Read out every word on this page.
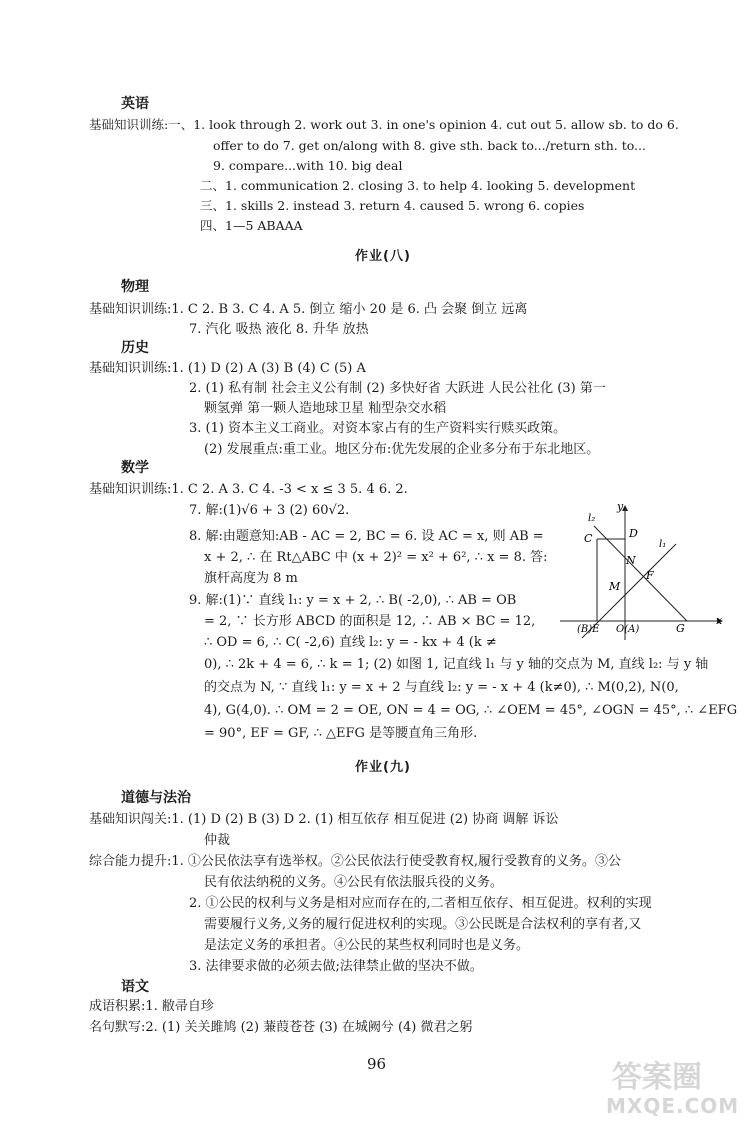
英语
基础知识训练:一、1. look through 2. work out 3. in one's opinion 4. cut out 5. allow sb. to do 6.
offer to do 7. get on/along with 8. give sth. back to.../return sth. to...
9. compare...with 10. big deal
二、1. communication 2. closing 3. to help 4. looking 5. development
三、1. skills 2. instead 3. return 4. caused 5. wrong 6. copies
四、1—5 ABAAA
作业(八)
物理
基础知识训练:1. C 2. B 3. C 4. A 5. 倒立 缩小 20 是 6. 凸 会聚 倒立 远离
7. 汽化 吸热 液化 8. 升华 放热
历史
基础知识训练:1. (1) D (2) A (3) B (4) C (5) A
2. (1) 私有制 社会主义公有制 (2) 多快好省 大跃进 人民公社化 (3) 第一
颗氢弹 第一颗人造地球卫星 籼型杂交水稻
3. (1) 资本主义工商业。对资本家占有的生产资料实行赎买政策。
(2) 发展重点:重工业。地区分布:优先发展的企业多分布于东北地区。
数学
基础知识训练:1. C 2. A 3. C 4. -3 < x ≤ 3 5. 4 6. 2.
7. 解:(1)√6 + 3 (2) 60√2.
8. 解:由题意知:AB - AC = 2, BC = 6. 设 AC = x, 则 AB =
x + 2, ∴ 在 Rt△ABC 中 (x + 2)² = x² + 6², ∴ x = 8. 答:
旗杆高度为 8 m
9. 解:(1)∵ 直线 l₁: y = x + 2, ∴ B( -2,0), ∴ AB = OB
= 2, ∵ 长方形 ABCD 的面积是 12, ∴ AB × BC = 12,
∴ OD = 6, ∴ C( -2,6) 直线 l₂: y = - kx + 4 (k ≠
0), ∴ 2k + 4 = 6, ∴ k = 1; (2) 如图 1, 记直线 l₁ 与 y 轴的交点为 M, 直线 l₂: 与 y 轴
的交点为 N, ∵ 直线 l₁: y = x + 2 与直线 l₂: y = - x + 4 (k≠0), ∴ M(0,2), N(0,
4), G(4,0). ∴ OM = 2 = OE, ON = 4 = OG, ∴ ∠OEM = 45°, ∠OGN = 45°, ∴ ∠EFG
= 90°, EF = GF, ∴ △EFG 是等腰直角三角形.
l₂
y
D
l₁
C
N
F
M
(B)E O(A)	G
x
作业(九)
道德与法治
基础知识闯关:1. (1) D (2) B (3) D 2. (1) 相互依存 相互促进 (2) 协商 调解 诉讼
仲裁
综合能力提升:1. ①公民依法享有选举权。②公民依法行使受教育权,履行受教育的义务。③公
民有依法纳税的义务。④公民有依法服兵役的义务。
2. ①公民的权利与义务是相对应而存在的,二者相互依存、相互促进。权利的实现
需要履行义务,义务的履行促进权利的实现。③公民既是合法权利的享有者,又
是法定义务的承担者。④公民的某些权利同时也是义务。
3. 法律要求做的必须去做;法律禁止做的坚决不做。
语文
成语积累:1. 敝帚自珍
名句默写:2. (1) 关关雎鸠 (2) 蒹葭苍苍 (3) 在城阙兮 (4) 微君之躬
96	答案圈
MXQE.COM
